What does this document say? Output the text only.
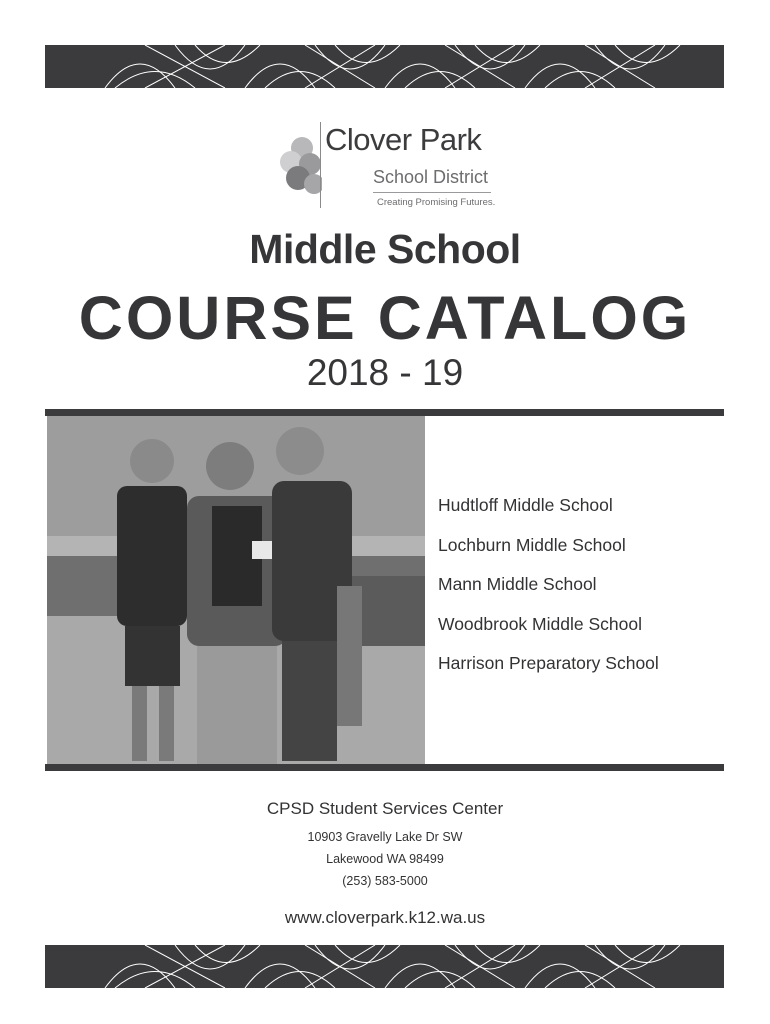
Clover Park
School District
Creating Promising Futures.
Middle School
COURSE CATALOG
2018 - 19
Hudtloff Middle School
Lochburn Middle School
Mann Middle School
Woodbrook Middle School
Harrison Preparatory School
CPSD Student Services Center
10903 Gravelly Lake Dr SW
Lakewood WA 98499
(253) 583-5000
www.cloverpark.k12.wa.us
